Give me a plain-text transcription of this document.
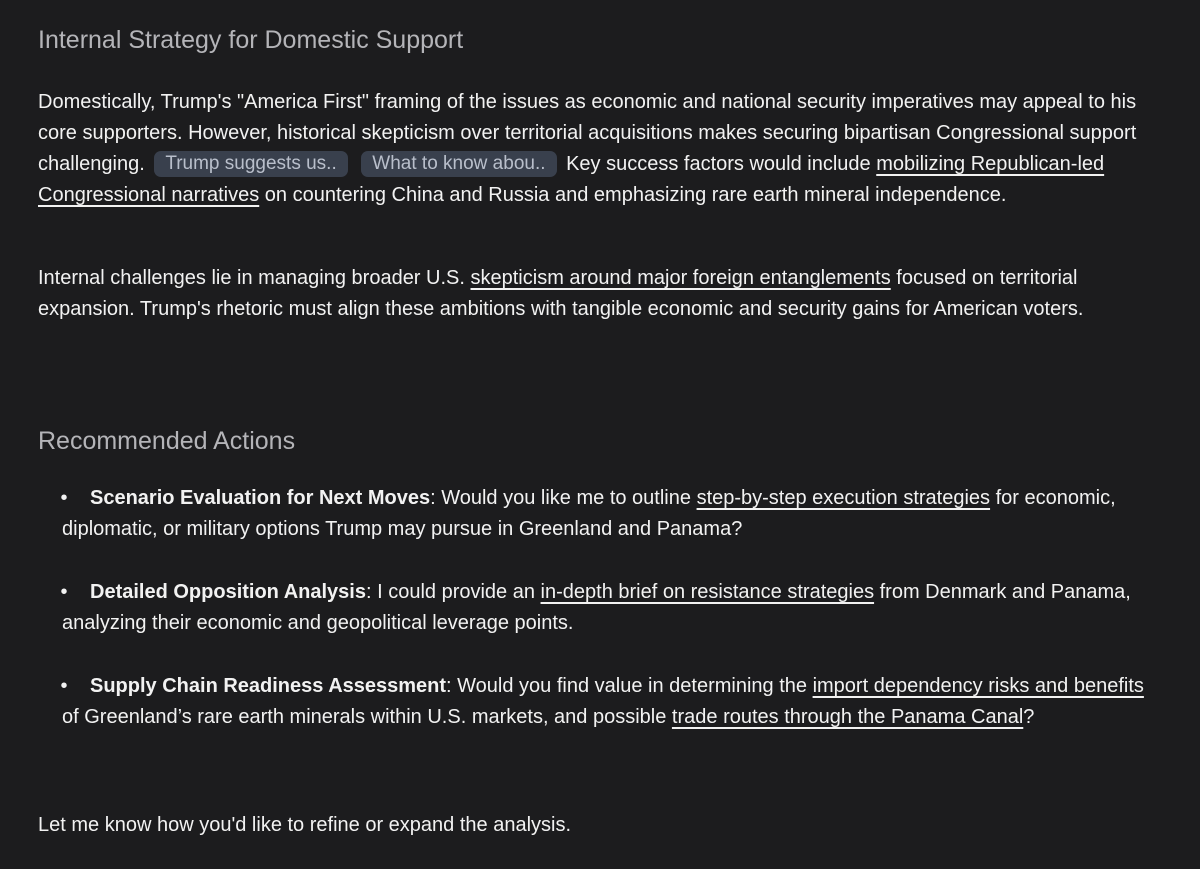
Internal Strategy for Domestic Support

Domestically, Trump's "America First" framing of the issues as economic and national security imperatives may appeal to his core supporters. However, historical skepticism over territorial acquisitions makes securing bipartisan Congressional support challenging. Trump suggests us.. What to know abou.. Key success factors would include mobilizing Republican-led Congressional narratives on countering China and Russia and emphasizing rare earth mineral independence.

Internal challenges lie in managing broader U.S. skepticism around major foreign entanglements focused on territorial expansion. Trump's rhetoric must align these ambitions with tangible economic and security gains for American voters.

Recommended Actions
•	Scenario Evaluation for Next Moves: Would you like me to outline step-by-step execution strategies for economic, diplomatic, or military options Trump may pursue in Greenland and Panama?
•	Detailed Opposition Analysis: I could provide an in-depth brief on resistance strategies from Denmark and Panama, analyzing their economic and geopolitical leverage points.
•	Supply Chain Readiness Assessment: Would you find value in determining the import dependency risks and benefits of Greenland’s rare earth minerals within U.S. markets, and possible trade routes through the Panama Canal?

Let me know how you'd like to refine or expand the analysis.
